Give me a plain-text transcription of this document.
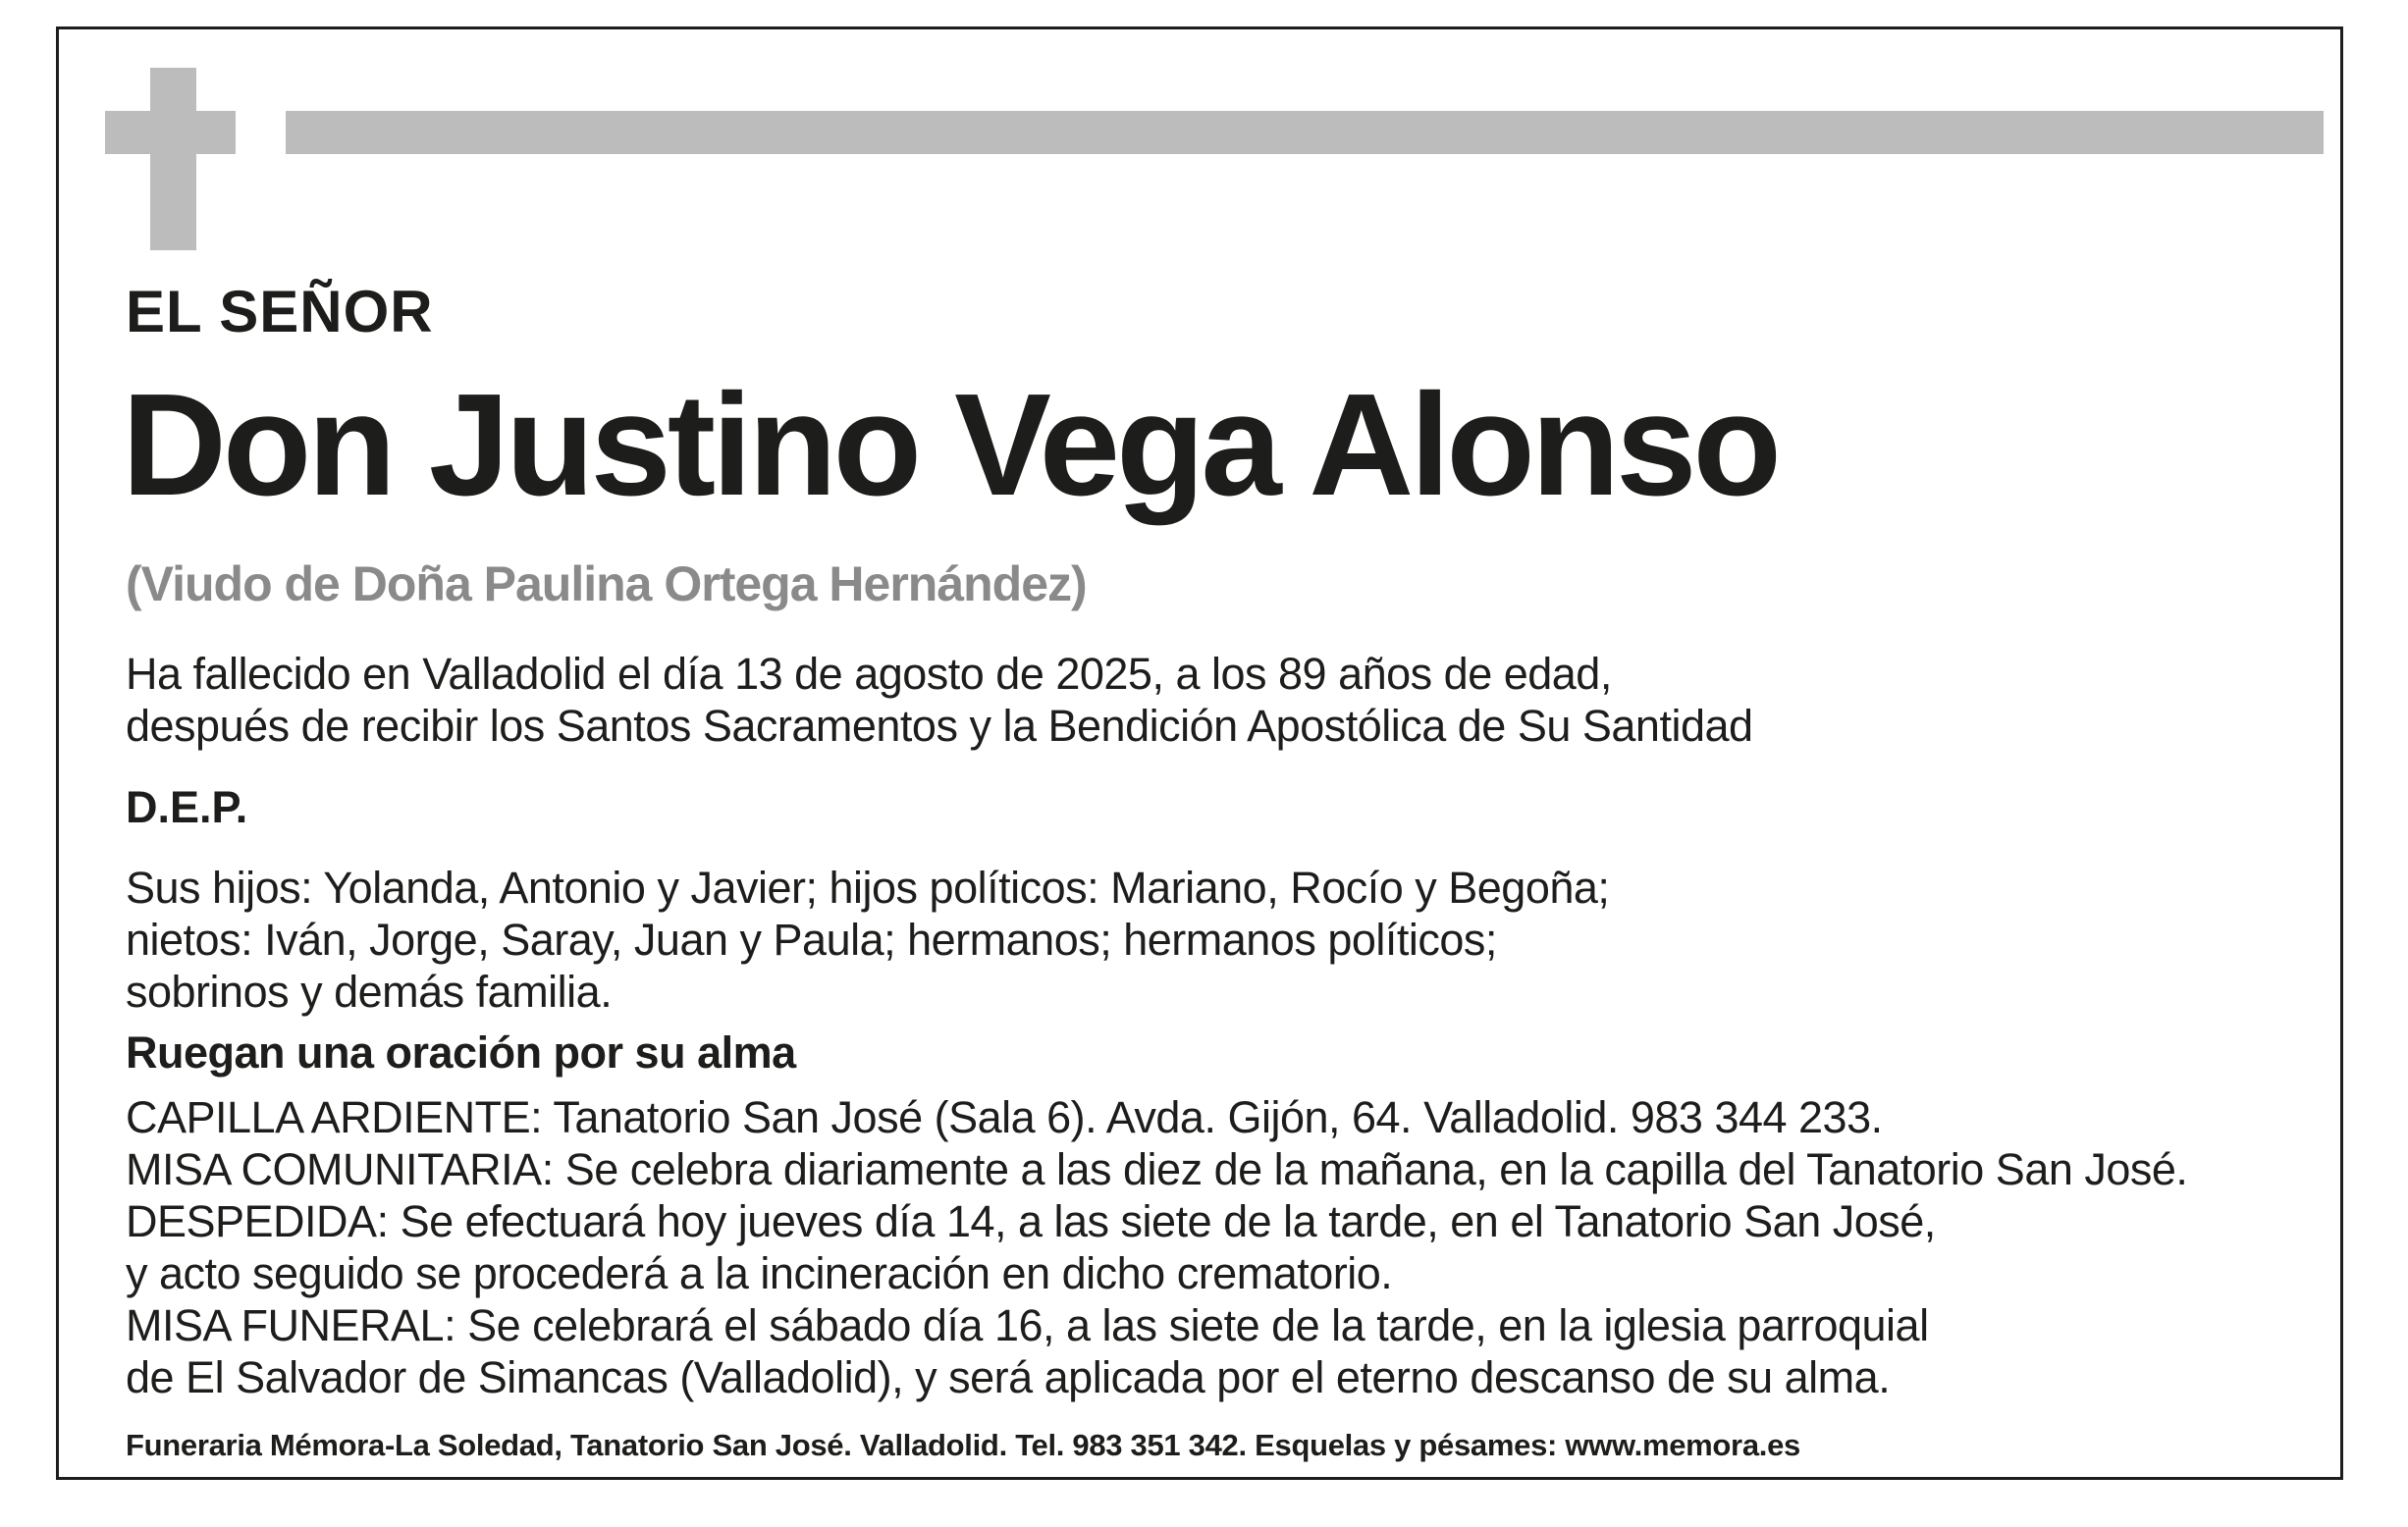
EL SEÑOR
Don Justino Vega Alonso
(Viudo de Doña Paulina Ortega Hernández)
Ha fallecido en Valladolid el día 13 de agosto de 2025, a los 89 años de edad,
después de recibir los Santos Sacramentos y la Bendición Apostólica de Su Santidad
D.E.P.
Sus hijos: Yolanda, Antonio y Javier; hijos políticos: Mariano, Rocío y Begoña;
nietos: Iván, Jorge, Saray, Juan y Paula; hermanos; hermanos políticos;
sobrinos y demás familia.
Ruegan una oración por su alma
CAPILLA ARDIENTE: Tanatorio San José (Sala 6). Avda. Gijón, 64. Valladolid. 983 344 233.
MISA COMUNITARIA: Se celebra diariamente a las diez de la mañana, en la capilla del Tanatorio San José.
DESPEDIDA: Se efectuará hoy jueves día 14, a las siete de la tarde, en el Tanatorio San José,
y acto seguido se procederá a la incineración en dicho crematorio.
MISA FUNERAL: Se celebrará el sábado día 16, a las siete de la tarde, en la iglesia parroquial
de El Salvador de Simancas (Valladolid), y será aplicada por el eterno descanso de su alma.
Funeraria Mémora-La Soledad, Tanatorio San José. Valladolid. Tel. 983 351 342. Esquelas y pésames: www.memora.es
